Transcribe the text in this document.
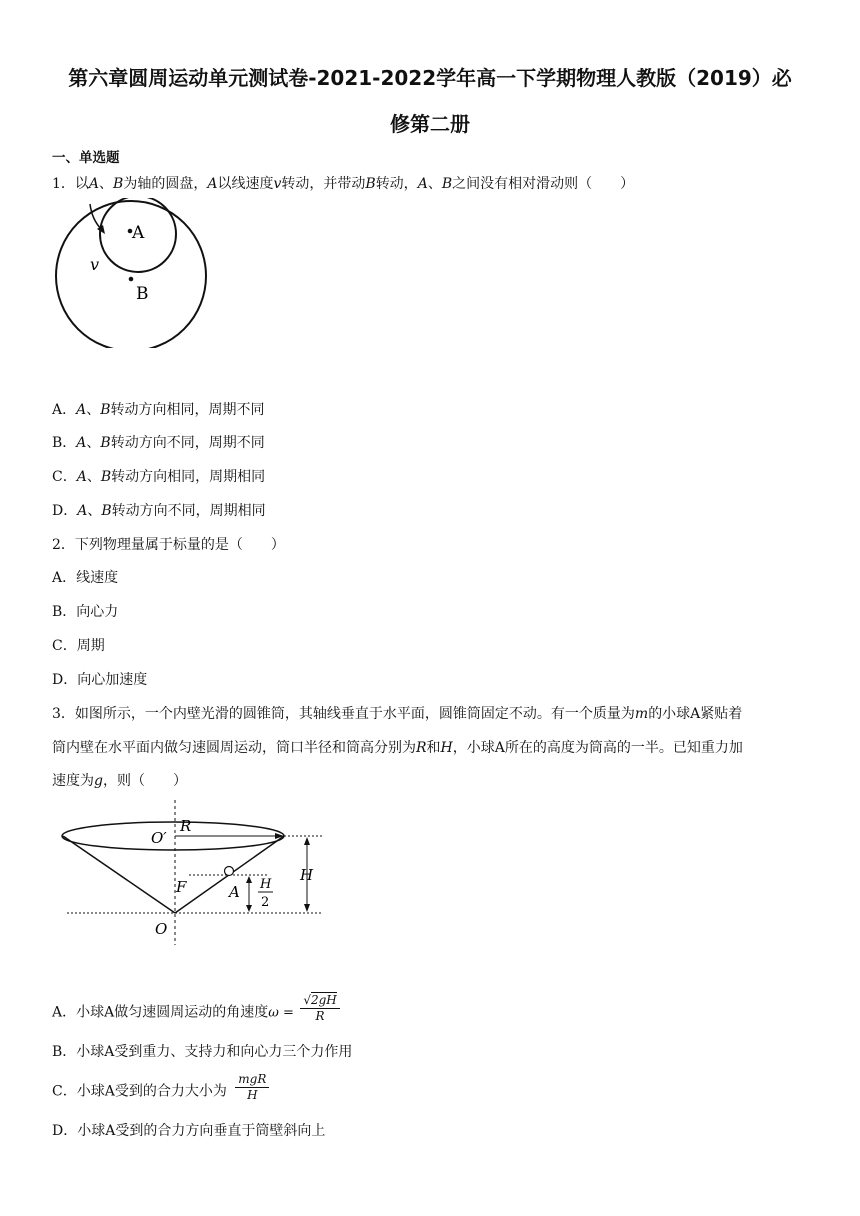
第六章圆周运动单元测试卷-2021-2022学年高一下学期物理人教版（2019）必
修第二册
一、单选题
1．以A、B为轴的圆盘，A以线速度v转动，并带动B转动，A、B之间没有相对滑动则（　　）
A
B
v
A．A、B转动方向相同，周期不同
B．A、B转动方向不同，周期不同
C．A、B转动方向相同，周期相同
D．A、B转动方向不同，周期相同
2．下列物理量属于标量的是（　　）
A．线速度
B．向心力
C．周期
D．向心加速度
3．如图所示，一个内壁光滑的圆锥筒，其轴线垂直于水平面，圆锥筒固定不动。有一个质量为m的小球A紧贴着
筒内壁在水平面内做匀速圆周运动，筒口半径和筒高分别为R和H，小球A所在的高度为筒高的一半。已知重力加
速度为g，则（　　）
R
O′
H
H
2
A
F
O
A．小球A做匀速圆周运动的角速度$\omega = \frac{√2gH}{R}$
B．小球A受到重力、支持力和向心力三个力作用
C．小球A受到的合力大小为 $\frac{\text{mgR}}{H}$
D．小球A受到的合力方向垂直于筒壁斜向上
